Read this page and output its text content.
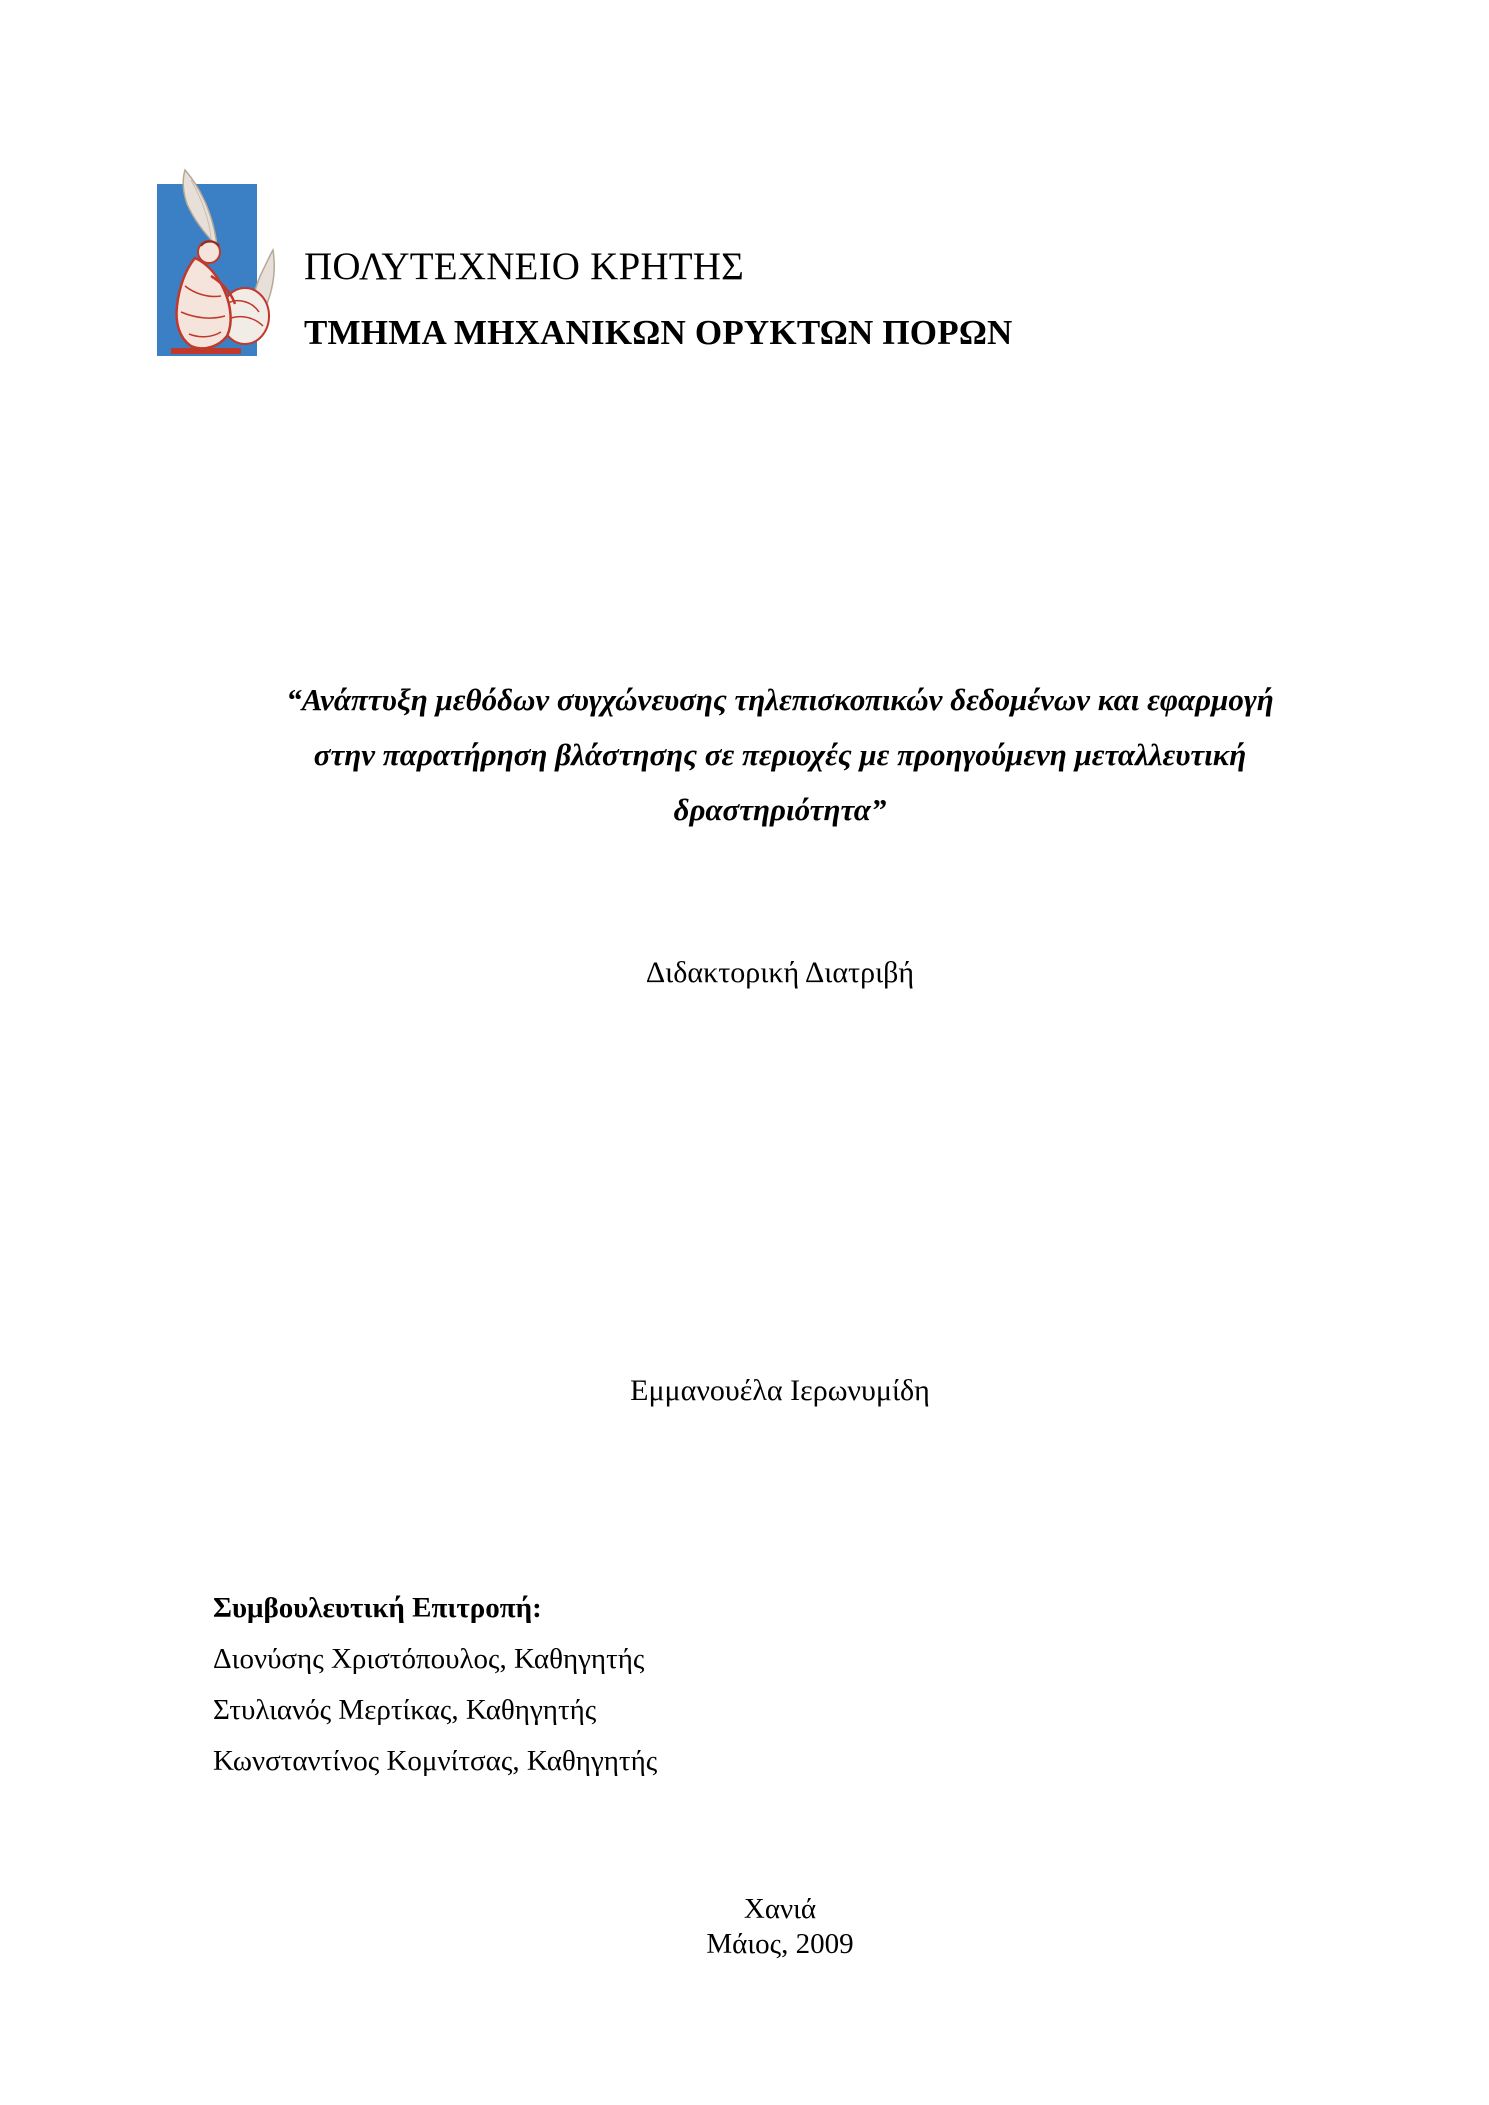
ΠΟΛΥΤΕΧΝΕΙΟ ΚΡΗΤΗΣ
ΤΜΗΜΑ ΜΗΧΑΝΙΚΩΝ ΟΡΥΚΤΩΝ ΠΟΡΩΝ
“Ανάπτυξη μεθόδων συγχώνευσης τηλεπισκοπικών δεδομένων και εφαρμογή
στην παρατήρηση βλάστησης σε περιοχές με προηγούμενη μεταλλευτική
δραστηριότητα”
Διδακτορική Διατριβή
Εμμανουέλα Ιερωνυμίδη
Συμβουλευτική Επιτροπή:
Διονύσης Χριστόπουλος, Καθηγητής
Στυλιανός Μερτίκας, Καθηγητής
Κωνσταντίνος Κομνίτσας, Καθηγητής
Χανιά
Μάιος, 2009
